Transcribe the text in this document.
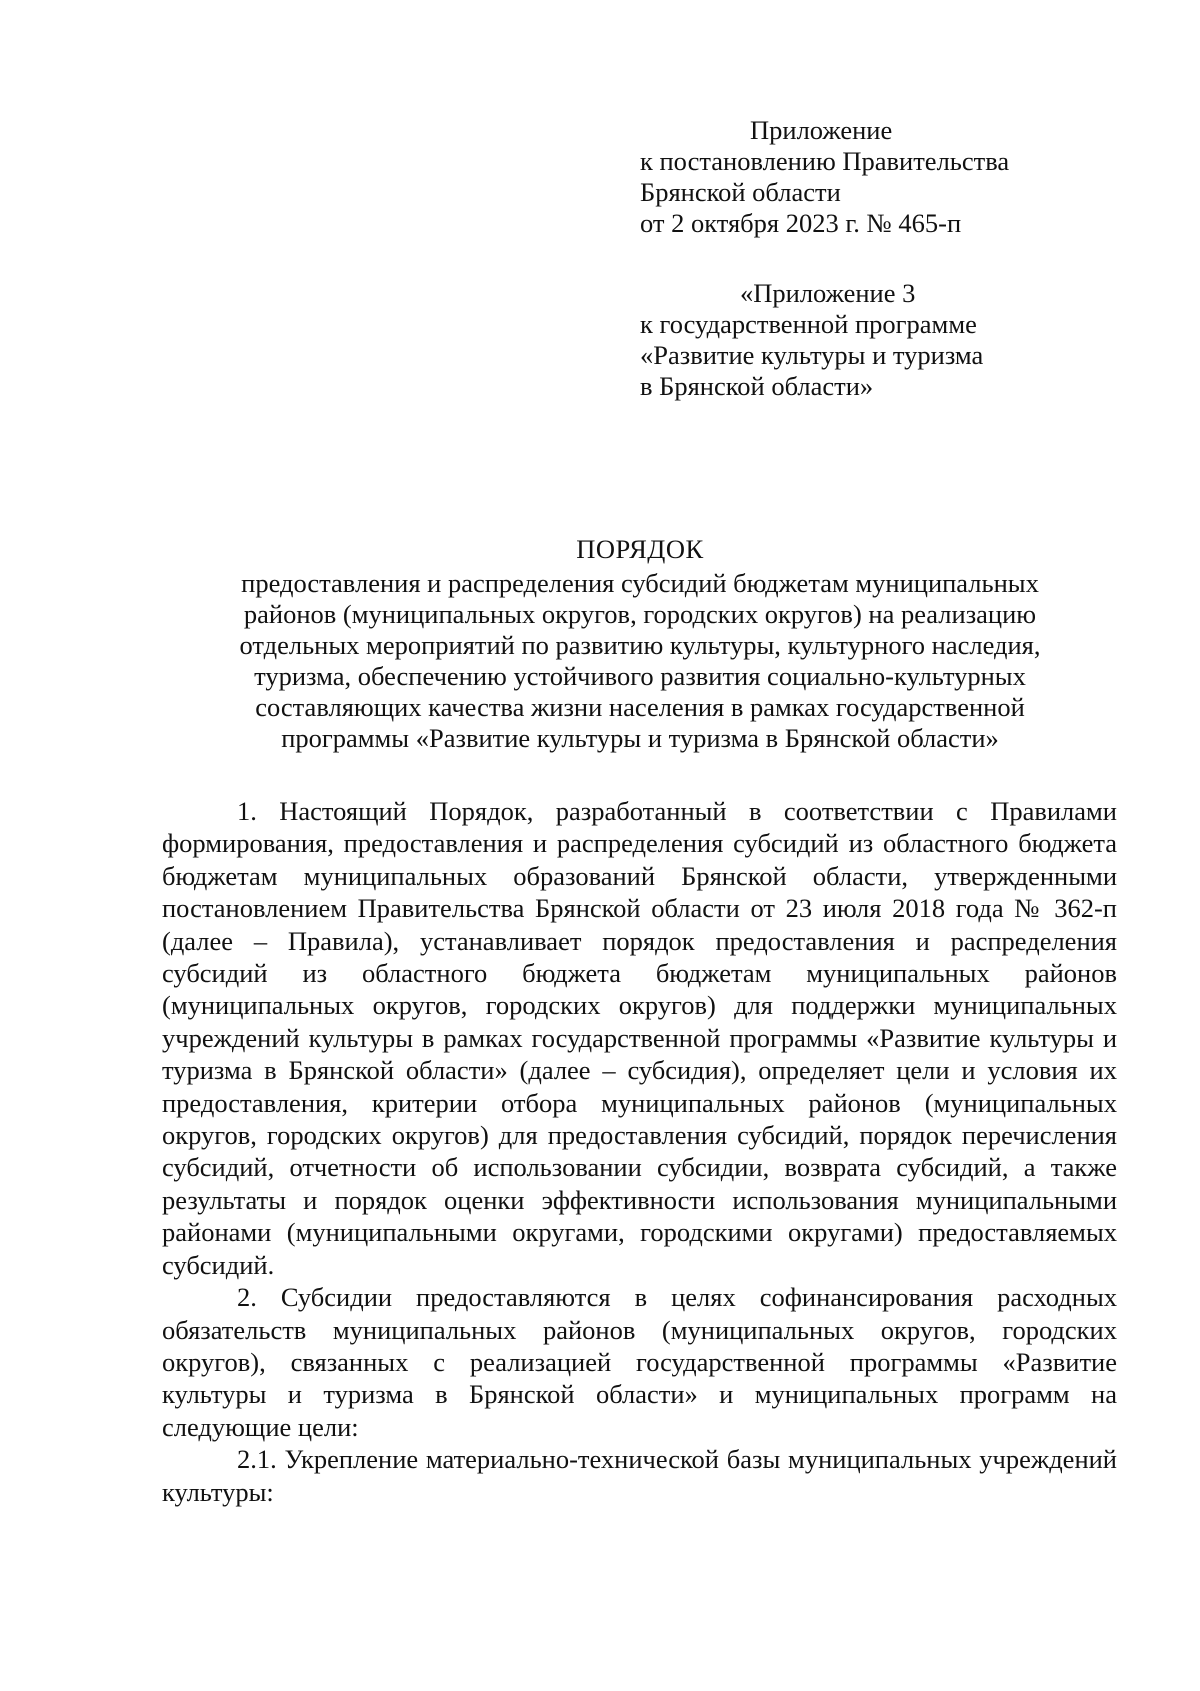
Приложение
к постановлению Правительства
Брянской области
от 2 октября 2023 г. № 465-п
«Приложение 3
к государственной программе
«Развитие культуры и туризма
в Брянской области»
ПОРЯДОК
предоставления и распределения субсидий бюджетам муниципальных
районов (муниципальных округов, городских округов) на реализацию
отдельных мероприятий по развитию культуры, культурного наследия,
туризма, обеспечению устойчивого развития социально-культурных
составляющих качества жизни населения в рамках государственной
программы «Развитие культуры и туризма в Брянской области»

1. Настоящий Порядок, разработанный в соответствии с Правилами формирования, предоставления и распределения субсидий из областного бюджета бюджетам муниципальных образований Брянской области, утвержденными постановлением Правительства Брянской области от 23 июля 2018 года № 362-п (далее – Правила), устанавливает порядок предоставления и распределения субсидий из областного бюджета бюджетам муниципальных районов (муниципальных округов, городских округов) для поддержки муниципальных учреждений культуры в рамках государственной программы «Развитие культуры и туризма в Брянской области» (далее – субсидия), определяет цели и условия их предоставления, критерии отбора муниципальных районов (муниципальных округов, городских округов) для предоставления субсидий, порядок перечисления субсидий, отчетности об использовании субсидии, возврата субсидий, а также результаты и порядок оценки эффективности использования муниципальными районами (муниципальными округами, городскими округами) предоставляемых субсидий.

2. Субсидии предоставляются в целях софинансирования расходных обязательств муниципальных районов (муниципальных округов, городских округов), связанных с реализацией государственной программы «Развитие культуры и туризма в Брянской области» и муниципальных программ на следующие цели:

2.1. Укрепление материально-технической базы муниципальных учреждений культуры:
